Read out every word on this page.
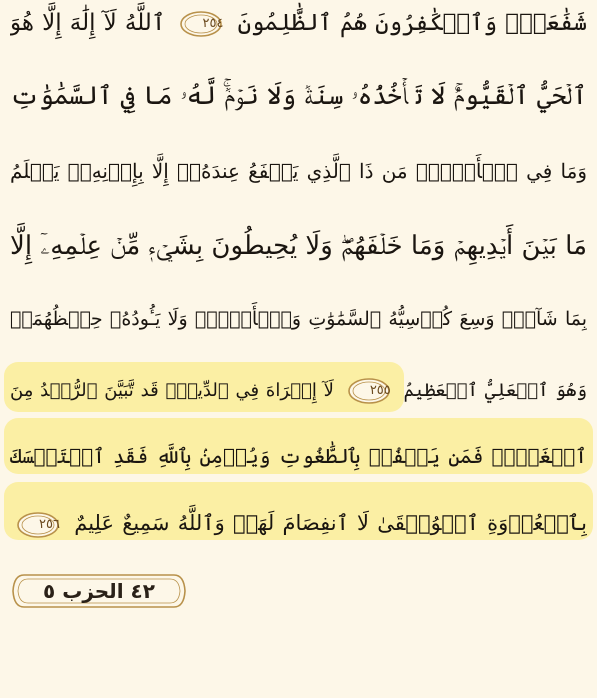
شَفَٰعَةٌۗ وَٱلۡكَٰفِرُونَ هُمُ ٱلظَّٰلِمُونَ
٢٥٤
ٱللَّهُ لَآ إِلَٰهَ إِلَّا هُوَ
ٱلۡحَيُّ ٱلۡقَيُّومُۚ لَا تَأۡخُذُهُۥ سِنَةٞ وَلَا نَوۡمٞۚ لَّهُۥ مَا فِي ٱلسَّمَٰوَٰتِ
وَمَا فِي ٱلۡأَرۡضِۗ مَن ذَا ٱلَّذِي يَشۡفَعُ عِندَهُۥٓ إِلَّا بِإِذۡنِهِۦۚ يَعۡلَمُ
مَا بَيۡنَ أَيۡدِيهِمۡ وَمَا خَلۡفَهُمۡۖ وَلَا يُحِيطُونَ بِشَيۡءٖ مِّنۡ عِلۡمِهِۦٓ إِلَّا
بِمَا شَآءَۚ وَسِعَ كُرۡسِيُّهُ ٱلسَّمَٰوَٰتِ وَٱلۡأَرۡضَۖ وَلَا يَـُٔودُهُۥ حِفۡظُهُمَاۚ
وَهُوَ ٱلۡعَلِيُّ ٱلۡعَظِيمُ
٢٥٥
لَآ إِكۡرَاهَ فِي ٱلدِّينِۖ قَد تَّبَيَّنَ ٱلرُّشۡدُ مِنَ
ٱلۡغَيِّۚ فَمَن يَكۡفُرۡ بِٱلطَّٰغُوتِ وَيُؤۡمِنۢ بِٱللَّهِ فَقَدِ ٱسۡتَمۡسَكَ
بِٱلۡعُرۡوَةِ ٱلۡوُثۡقَىٰ لَا ٱنفِصَامَ لَهَاۗ وَٱللَّهُ سَمِيعٌ عَلِيمٌ
٢٥٦
٤٢ الحزب ٥
